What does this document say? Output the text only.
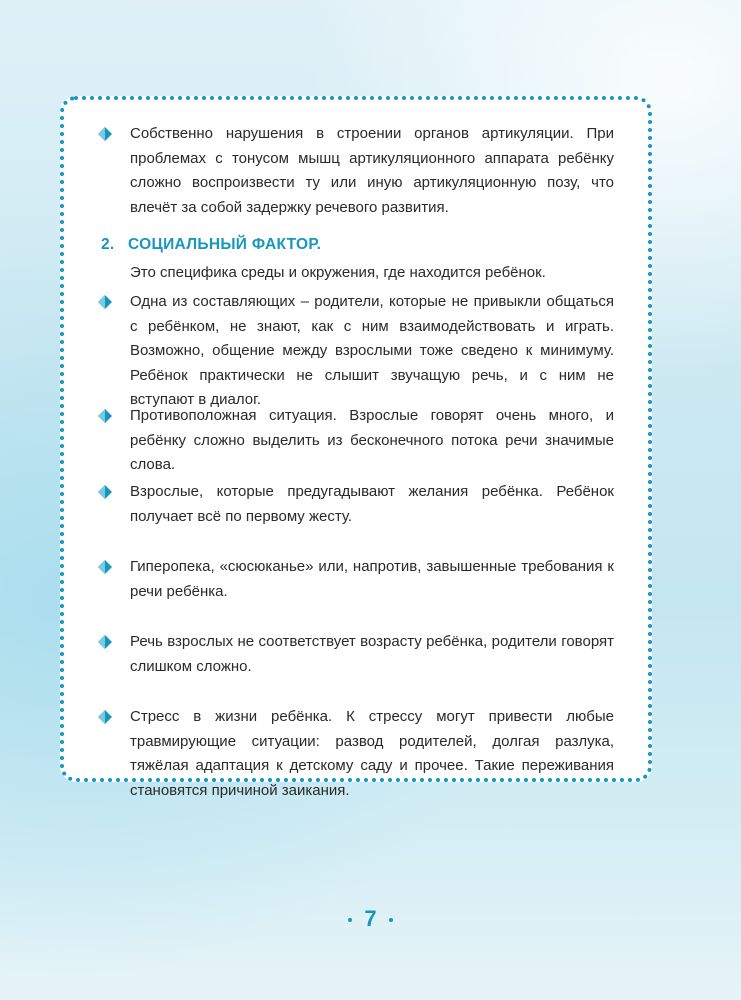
Собственно нарушения в строении органов артикуляции. При проблемах с тонусом мышц артикуляционного аппарата ребёнку сложно воспроизвести ту или иную артикуляционную позу, что влечёт за собой задержку речевого развития.
2. СОЦИАЛЬНЫЙ ФАКТОР.
Это специфика среды и окружения, где находится ребёнок.
Одна из составляющих – родители, которые не привыкли общаться с ребёнком, не знают, как с ним взаимодействовать и играть. Возможно, общение между взрослыми тоже сведено к минимуму. Ребёнок практически не слышит звучащую речь, и с ним не вступают в диалог.
Противоположная ситуация. Взрослые говорят очень много, и ребёнку сложно выделить из бесконечного потока речи значимые слова.
Взрослые, которые предугадывают желания ребёнка. Ребёнок получает всё по первому жесту.
Гиперопека, «сюсюканье» или, напротив, завышенные требования к речи ребёнка.
Речь взрослых не соответствует возрасту ребёнка, родители говорят слишком сложно.
Стресс в жизни ребёнка. К стрессу могут привести любые травмирующие ситуации: развод родителей, долгая разлука, тяжёлая адаптация к детскому саду и прочее. Такие переживания становятся причиной заикания.
7
